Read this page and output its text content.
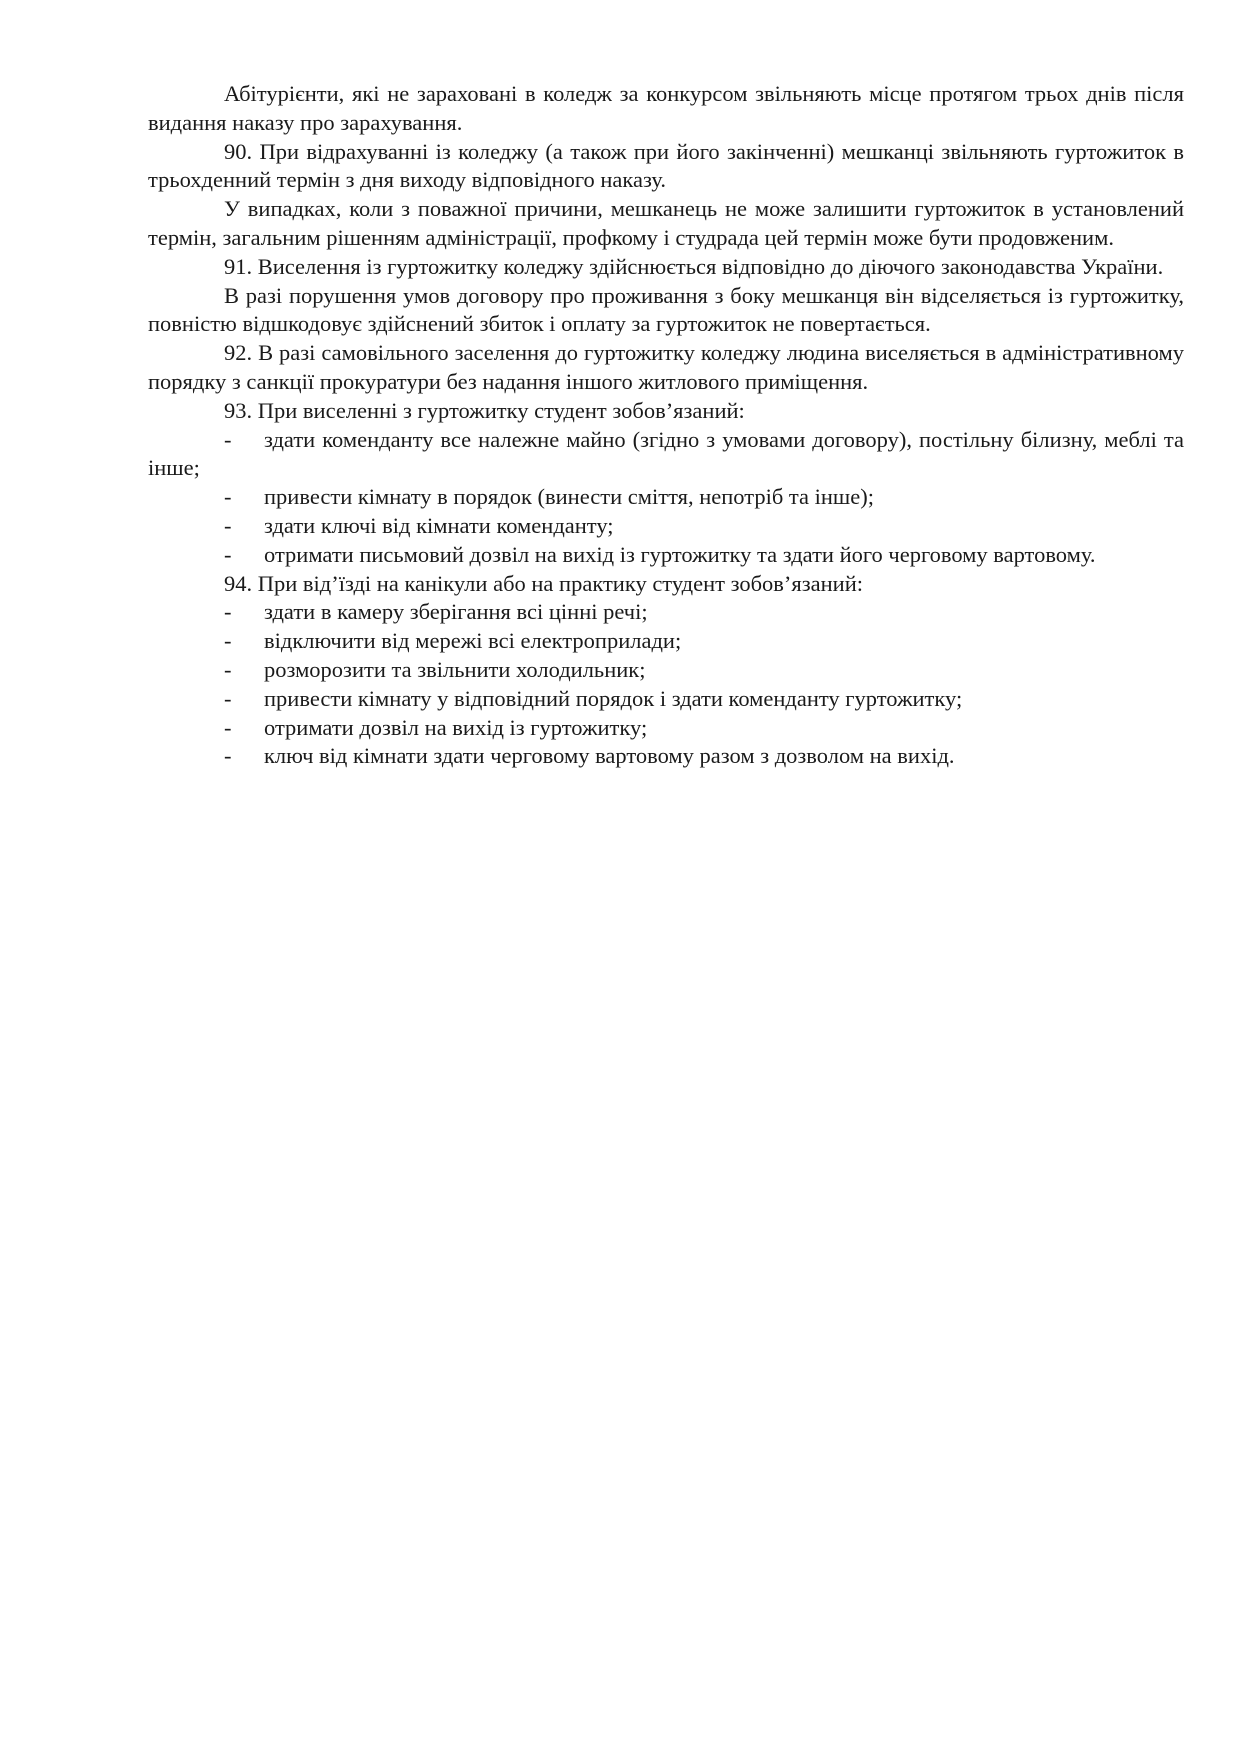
Абітурієнти, які не зараховані в коледж за конкурсом звільняють місце протягом трьох днів після видання наказу про зарахування.

90. При відрахуванні із коледжу (а також при його закінченні) мешканці звільняють гуртожиток в трьохденний термін з дня виходу відповідного наказу.

У випадках, коли з поважної причини, мешканець не може залишити гуртожиток в установлений термін, загальним рішенням адміністрації, профкому і студрада цей термін може бути продовженим.

91. Виселення із гуртожитку коледжу здійснюється відповідно до діючого законодавства України.

В разі порушення умов договору про проживання з боку мешканця він відселяється із гуртожитку, повністю відшкодовує здійснений збиток і оплату за гуртожиток не повертається.

92. В разі самовільного заселення до гуртожитку коледжу людина виселяється в адміністративному порядку з санкції прокуратури без надання іншого житлового приміщення.

93. При виселенні з гуртожитку студент зобов’язаний:

- здати коменданту все належне майно (згідно з умовами договору), постільну білизну, меблі та інше;

- привести кімнату в порядок (винести сміття, непотріб та інше);

- здати ключі від кімнати коменданту;

- отримати письмовий дозвіл на вихід із гуртожитку та здати його черговому вартовому.

94. При від’їзді на канікули або на практику студент зобов’язаний:

- здати в камеру зберігання всі цінні речі;

- відключити від мережі всі електроприлади;

- розморозити та звільнити холодильник;

- привести кімнату у відповідний порядок і здати коменданту гуртожитку;

- отримати дозвіл на вихід із гуртожитку;

- ключ від кімнати здати черговому вартовому разом з дозволом на вихід.
